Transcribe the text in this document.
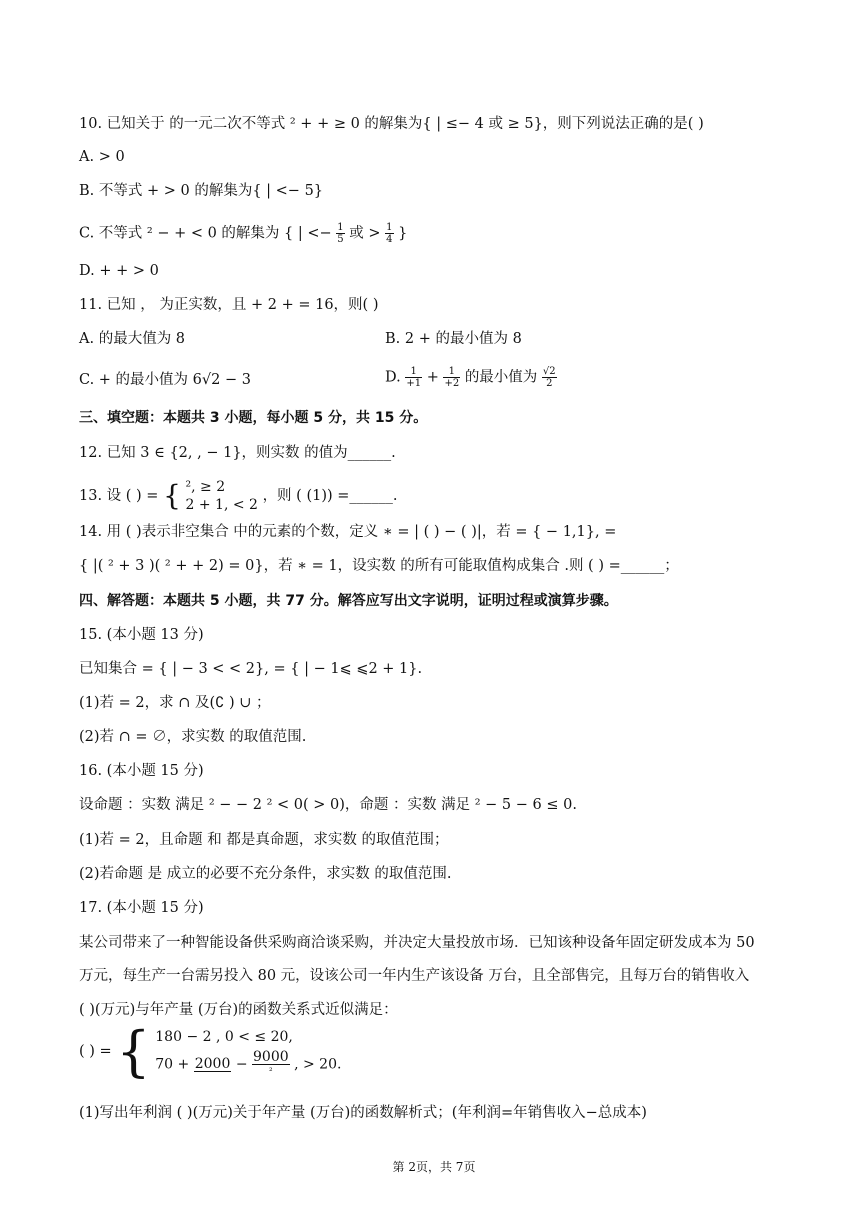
10. 已知关于 的一元二次不等式 ² + + ≥ 0 的解集为{ | ≤− 4 或 ≥ 5}，则下列说法正确的是( )
A. > 0
B. 不等式 + > 0 的解集为{ | <− 5}
C. 不等式 ² − + < 0 的解集为 { | <− $\frac{1}{5}$ 或 > $\frac{1}{4}$ }
D. + + > 0
11. 已知 ， 为正实数，且 + 2 + = 16，则( )
A. 的最大值为 8	B. 2 + 的最小值为 8
C. + 的最小值为 6√2 − 3	D. $\frac{1}{+1} + \frac{1}{+2}$ 的最小值为 $\frac{√2}{2}$
三、填空题：本题共 3 小题，每小题 5 分，共 15 分。
12. 已知 3 ∈ {2, , − 1}，则实数 的值为______.
13. 设 ( ) = { ², ≥ 2
2 + 1, < 2
，则 ( (1)) =______.
14. 用 ( )表示非空集合 中的元素的个数，定义 ∗ = | ( ) − ( )|，若 = { − 1,1}, =
{ |( ² + 3 )( ² + + 2) = 0}，若 ∗ = 1，设实数 的所有可能取值构成集合 .则 ( ) =______；
四、解答题：本题共 5 小题，共 77 分。解答应写出文字说明，证明过程或演算步骤。
15. (本小题 13 分)
已知集合 = { | − 3 < < 2}, = { | − 1⩽ ⩽2 + 1}.
(1)若 = 2，求 ∩ 及(∁ ) ∪ ；
(2)若 ∩ = ∅，求实数 的取值范围.
16. (本小题 15 分)
设命题 ：实数 满足 ² − − 2 ² < 0( > 0)，命题 ：实数 满足 ² − 5 − 6 ≤ 0.
(1)若 = 2，且命题 和 都是真命题，求实数 的取值范围；
(2)若命题 是 成立的必要不充分条件，求实数 的取值范围.
17. (本小题 15 分)
某公司带来了一种智能设备供采购商洽谈采购，并决定大量投放市场．已知该种设备年固定研发成本为 50
万元，每生产一台需另投入 80 元，设该公司一年内生产该设备 万台，且全部售完，且每万台的销售收入
( )(万元)与年产量 (万台)的函数关系式近似满足：
( ) = { 180 − 2 , 0 < ≤ 20,
$70 + 2000 - \frac{9000}{\text{²}}$ , > 20.
(1)写出年利润 ( )(万元)关于年产量 (万台)的函数解析式；(年利润=年销售收入−总成本)
第 2页，共 7页
